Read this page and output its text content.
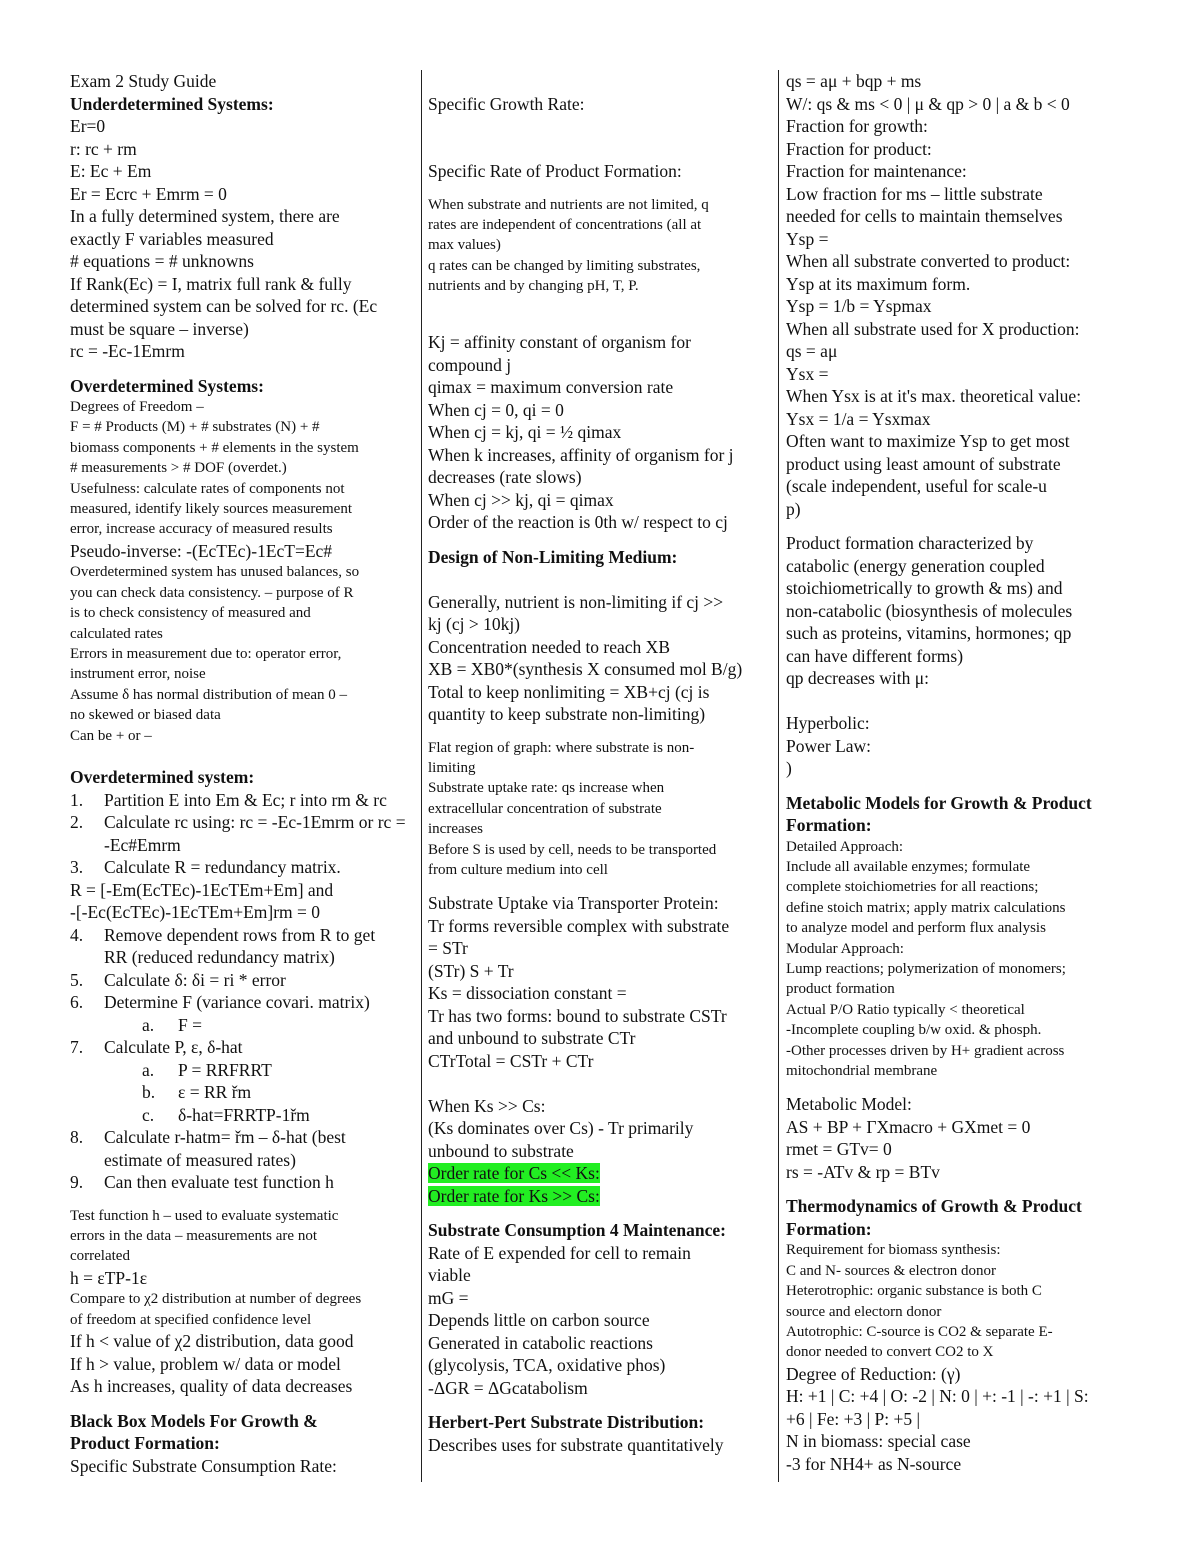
Exam 2 Study Guide
Underdetermined Systems:
Er=0
r: rc + rm
E: Ec + Em
Er = Ecrc + Emrm = 0
In a fully determined system, there are
exactly F variables measured
# equations = # unknowns
If Rank(Ec) = I, matrix full rank & fully
determined system can be solved for rc. (Ec
must be square – inverse)
rc = -Ec-1Emrm
Overdetermined Systems:
Degrees of Freedom –
F = # Products (M) + # substrates (N) + #
biomass components + # elements in the system
# measurements > # DOF (overdet.)
Usefulness: calculate rates of components not
measured, identify likely sources measurement
error, increase accuracy of measured results
Pseudo-inverse: -(EcTEc)-1EcT=Ec#
Overdetermined system has unused balances, so
you can check data consistency. – purpose of R
is to check consistency of measured and
calculated rates
Errors in measurement due to: operator error,
instrument error, noise
Assume δ has normal distribution of mean 0 –
no skewed or biased data
Can be + or –
Overdetermined system:
1. Partition E into Em & Ec; r into rm & rc
2. Calculate rc using: rc = -Ec-1Emrm or rc =
-Ec#Emrm
3. Calculate R = redundancy matrix.
R = [-Em(EcTEc)-1EcTEm+Em] and
-[-Ec(EcTEc)-1EcTEm+Em]rm = 0
4. Remove dependent rows from R to get
RR (reduced redundancy matrix)
5. Calculate δ: δi = ri * error
6. Determine F (variance covari. matrix)
a. F =
7. Calculate P, ε, δ-hat
a. P = RRFRRT
b. ε = RR řm
c. δ-hat=FRRTP-1řm
8. Calculate r-hatm= řm – δ-hat (best
estimate of measured rates)
9. Can then evaluate test function h
Test function h – used to evaluate systematic
errors in the data – measurements are not
correlated
h = εTP-1ε
Compare to χ2 distribution at number of degrees
of freedom at specified confidence level
If h < value of χ2 distribution, data good
If h > value, problem w/ data or model
As h increases, quality of data decreases
Black Box Models For Growth &
Product Formation:
Specific Substrate Consumption Rate:

Specific Growth Rate:

Specific Rate of Product Formation:
When substrate and nutrients are not limited, q
rates are independent of concentrations (all at
max values)
q rates can be changed by limiting substrates,
nutrients and by changing pH, T, P.

Kj = affinity constant of organism for
compound j
qimax = maximum conversion rate
When cj = 0, qi = 0
When cj = kj, qi = ½ qimax
When k increases, affinity of organism for j
decreases (rate slows)
When cj >> kj, qi = qimax
Order of the reaction is 0th w/ respect to cj
Design of Non-Limiting Medium:

Generally, nutrient is non-limiting if cj >>
kj (cj > 10kj)
Concentration needed to reach XB
XB = XB0*(synthesis X consumed mol B/g)
Total to keep nonlimiting = XB+cj (cj is
quantity to keep substrate non-limiting)
Flat region of graph: where substrate is non-
limiting
Substrate uptake rate: qs increase when
extracellular concentration of substrate
increases
Before S is used by cell, needs to be transported
from culture medium into cell
Substrate Uptake via Transporter Protein:
Tr forms reversible complex with substrate
= STr
(STr) S + Tr
Ks = dissociation constant =
Tr has two forms: bound to substrate CSTr
and unbound to substrate CTr
CTrTotal = CSTr + CTr

When Ks >> Cs:
(Ks dominates over Cs) - Tr primarily
unbound to substrate
Order rate for Cs << Ks:
Order rate for Ks >> Cs:
Substrate Consumption 4 Maintenance:
Rate of E expended for cell to remain
viable
mG =
Depends little on carbon source
Generated in catabolic reactions
(glycolysis, TCA, oxidative phos)
-ΔGR = ΔGcatabolism
Herbert-Pert Substrate Distribution:
Describes uses for substrate quantitatively
qs = aμ + bqp + ms
W/: qs & ms < 0 | μ & qp > 0 | a & b < 0
Fraction for growth:
Fraction for product:
Fraction for maintenance:
Low fraction for ms – little substrate
needed for cells to maintain themselves
Ysp =
When all substrate converted to product:
Ysp at its maximum form.
Ysp = 1/b = Yspmax
When all substrate used for X production:
qs = aμ
Ysx =
When Ysx is at it's max. theoretical value:
Ysx = 1/a = Ysxmax
Often want to maximize Ysp to get most
product using least amount of substrate
(scale independent, useful for scale-u
p)
Product formation characterized by
catabolic (energy generation coupled
stoichiometrically to growth & ms) and
non-catabolic (biosynthesis of molecules
such as proteins, vitamins, hormones; qp
can have different forms)
qp decreases with μ:

Hyperbolic:
Power Law:
)
Metabolic Models for Growth & Product
Formation:
Detailed Approach:
Include all available enzymes; formulate
complete stoichiometries for all reactions;
define stoich matrix; apply matrix calculations
to analyze model and perform flux analysis
Modular Approach:
Lump reactions; polymerization of monomers;
product formation
Actual P/O Ratio typically < theoretical
-Incomplete coupling b/w oxid. & phosph.
-Other processes driven by H+ gradient across
mitochondrial membrane
Metabolic Model:
AS + BP + ΓXmacro + GXmet = 0
rmet = GTv= 0
rs = -ATv & rp = BTv
Thermodynamics of Growth & Product
Formation:
Requirement for biomass synthesis:
C and N- sources & electron donor
Heterotrophic: organic substance is both C
source and electorn donor
Autotrophic: C-source is CO2 & separate E-
donor needed to convert CO2 to X
Degree of Reduction: (γ)
H: +1 | C: +4 | O: -2 | N: 0 | +: -1 | -: +1 | S:
+6 | Fe: +3 | P: +5 |
N in biomass: special case
-3 for NH4+ as N-source
